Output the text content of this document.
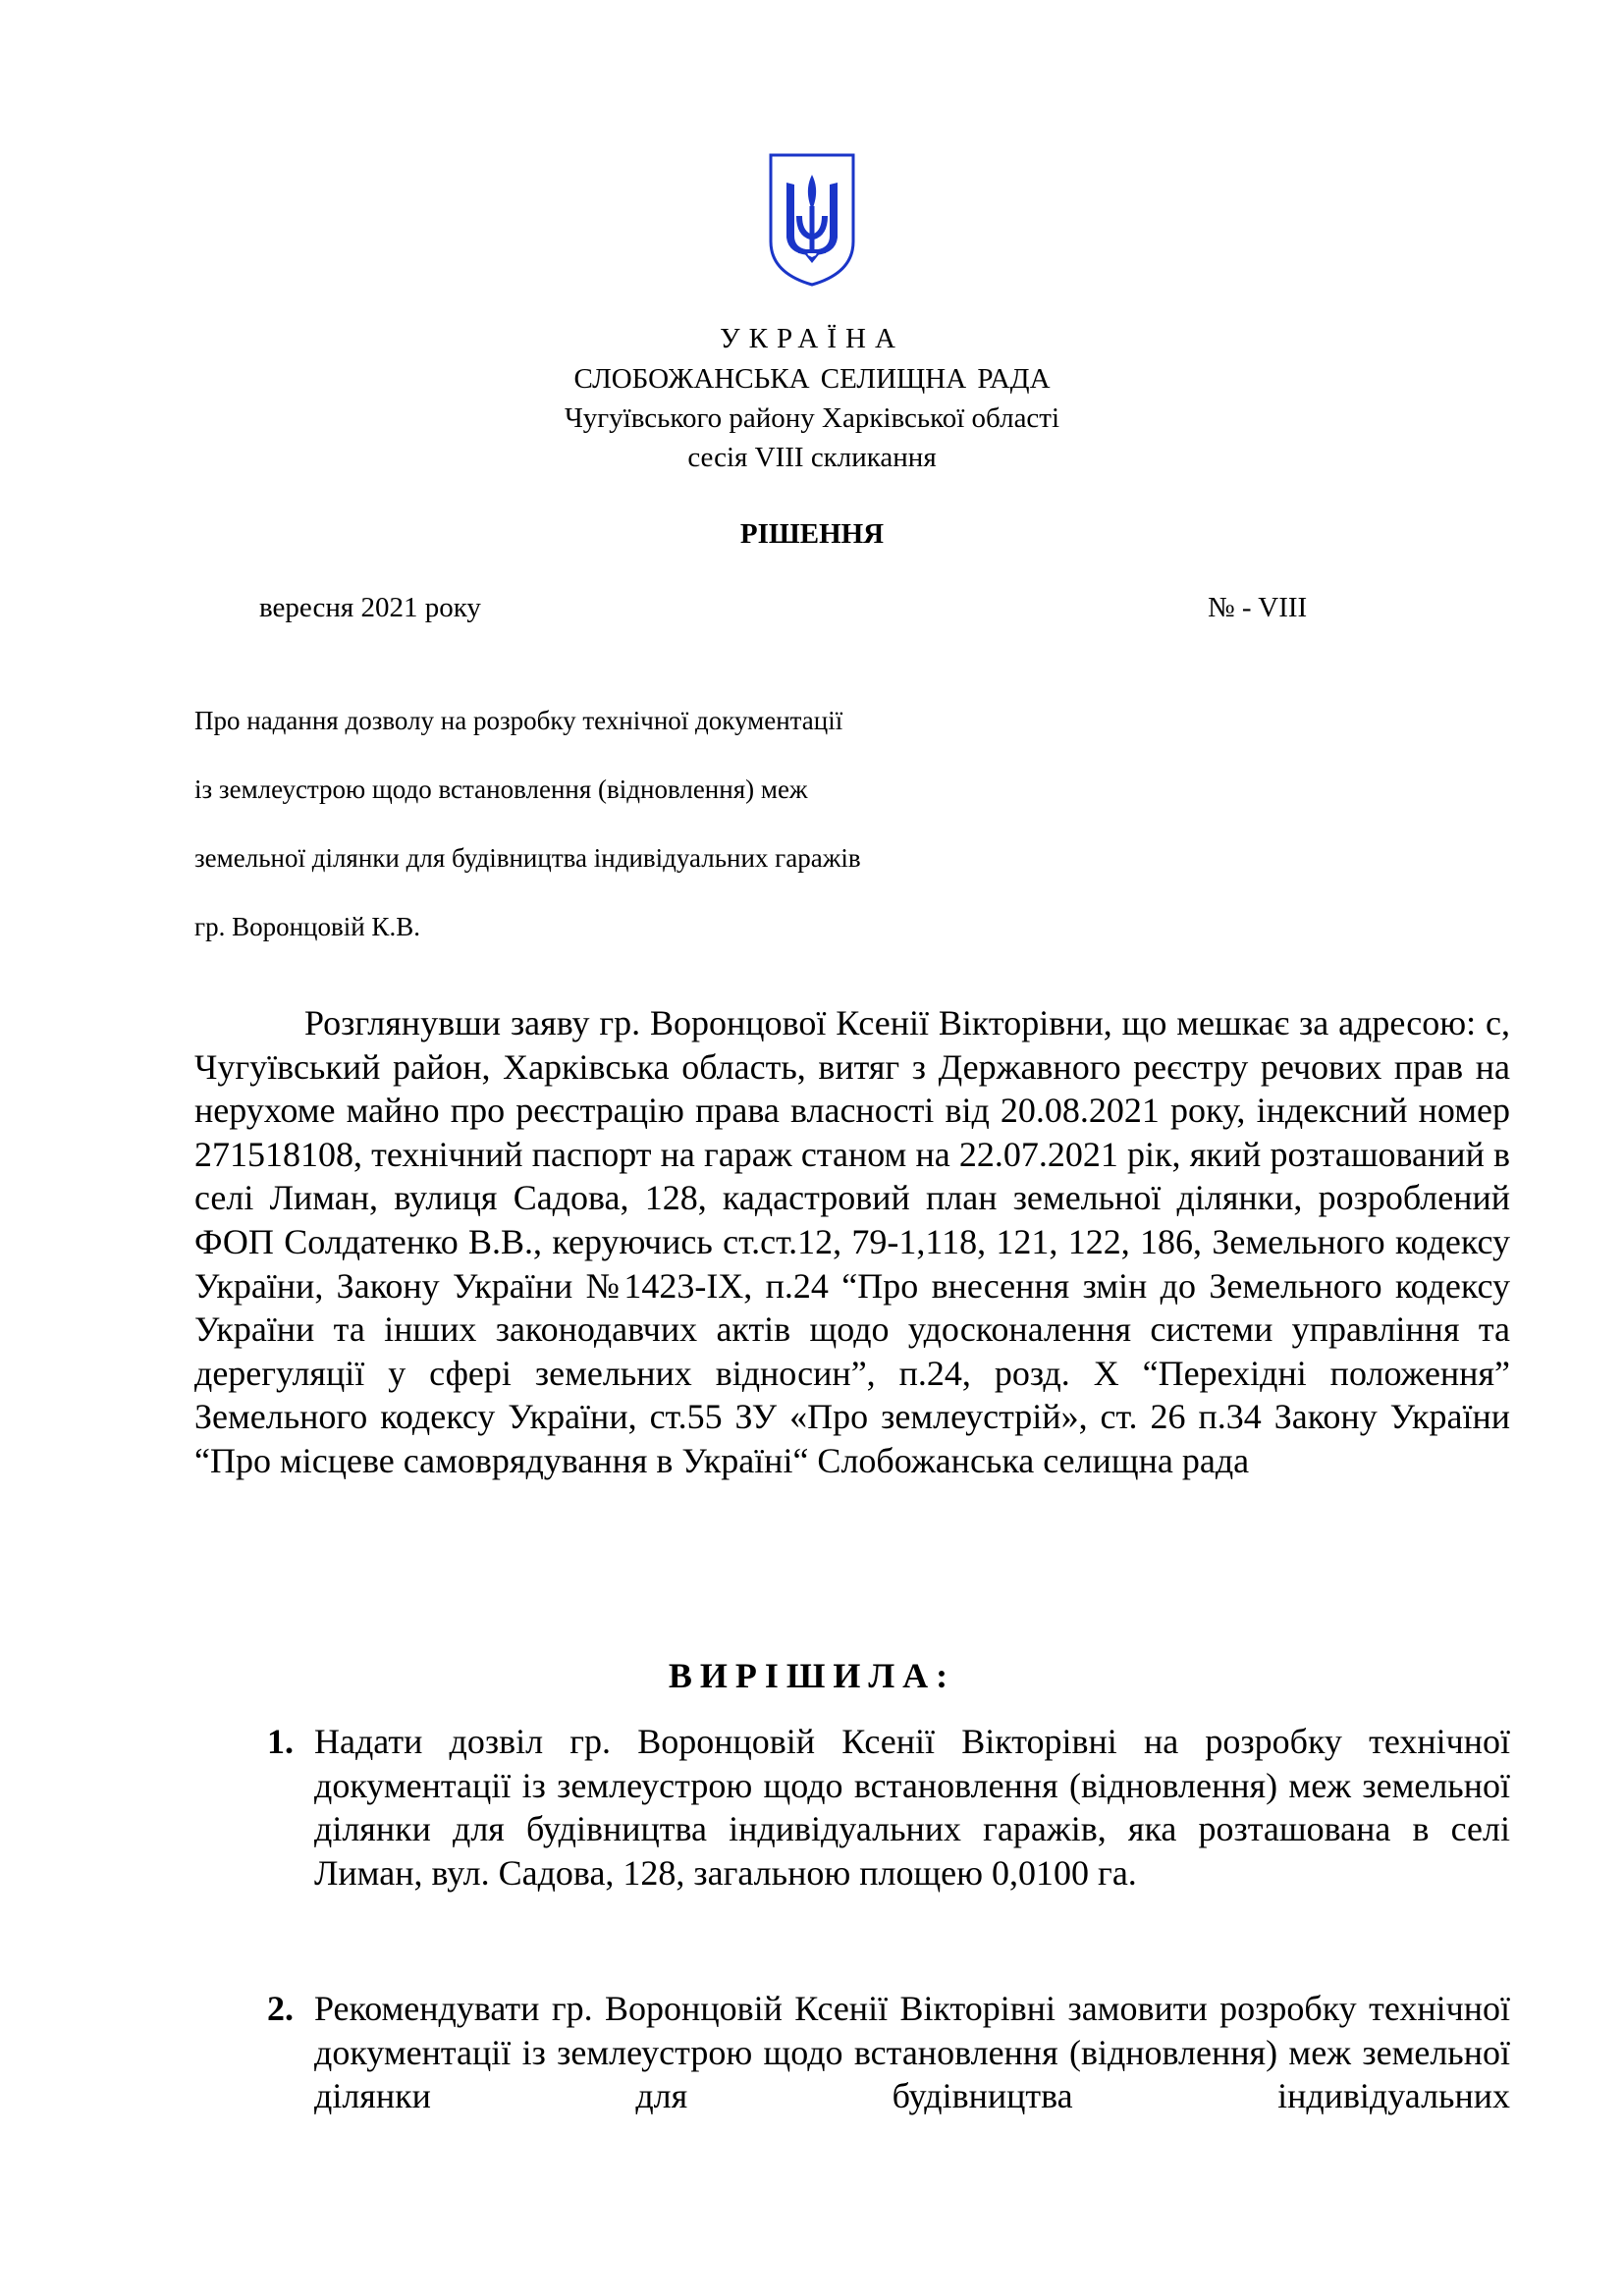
УКРАЇНА
СЛОБОЖАНСЬКА СЕЛИЩНА РАДА
Чугуївського району Харківської області
сесія VIII скликання
РІШЕННЯ
вересня 2021 року	№ - VIII
Про надання дозволу на розробку технічної документації
із землеустрою щодо встановлення (відновлення) меж
земельної ділянки для будівництва індивідуальних гаражів
гр. Воронцовій К.В.

Розглянувши заяву гр. Воронцової Ксенії Вікторівни, що мешкає за адресою: с, Чугуївський район, Харківська область, витяг з Державного реєстру речових прав на нерухоме майно про реєстрацію права власності від 20.08.2021 року, індексний номер 271518108, технічний паспорт на гараж станом на 22.07.2021 рік, який розташований в селі Лиман, вулиця Садова, 128, кадастровий план земельної ділянки, розроблений ФОП Солдатенко В.В., керуючись ст.ст.12, 79-1,118, 121, 122, 186, Земельного кодексу України, Закону України №1423-IX, п.24 “Про внесення змін до Земельного кодексу України та інших законодавчих актів щодо удосконалення системи управління та дерегуляції у сфері земельних відносин”, п.24, розд. X “Перехідні положення” Земельного кодексу України, ст.55 ЗУ «Про землеустрій», ст. 26 п.34 Закону України “Про місцеве самоврядування в Україні“ Слобожанська селищна рада

ВИРІШИЛА:
1. Надати дозвіл гр. Воронцовій Ксенії Вікторівні на розробку технічної документації із землеустрою щодо встановлення (відновлення) меж земельної ділянки для будівництва індивідуальних гаражів, яка розташована в селі Лиман, вул. Садова, 128, загальною площею 0,0100 га.
2. Рекомендувати гр. Воронцовій Ксенії Вікторівні замовити розробку технічної документації із землеустрою щодо встановлення (відновлення) меж земельної ділянки для будівництва індивідуальних
